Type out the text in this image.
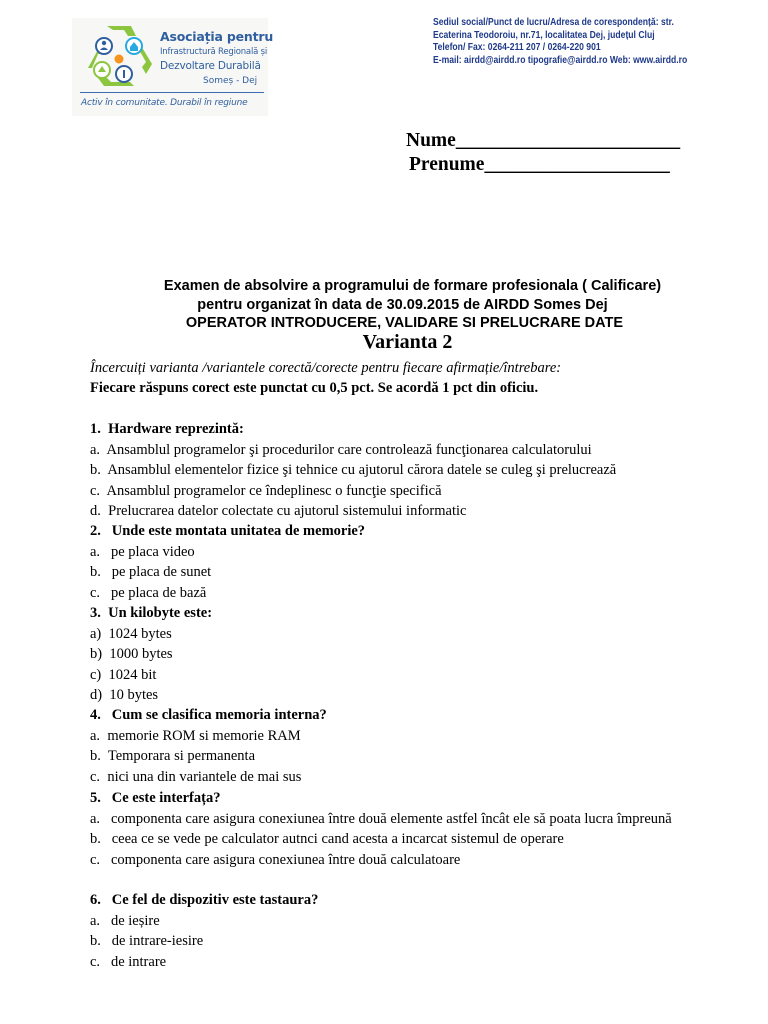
Asociația pentru
Infrastructură Regională și
Dezvoltare Durabilă
Someș - Dej
Activ în comunitate. Durabil în regiune
Sediul social/Punct de lucru/Adresa de corespondență: str.
Ecaterina Teodoroiu, nr.71, localitatea Dej, județul Cluj
Telefon/ Fax: 0264-211 207 / 0264-220 901
E-mail: airdd@airdd.ro tipografie@airdd.ro Web: www.airdd.ro
Nume_______________________
Prenume___________________
Examen de absolvire a programului de formare profesionala ( Calificare)
pentru organizat în data de 30.09.2015 de AIRDD Somes Dej
OPERATOR INTRODUCERE, VALIDARE SI PRELUCRARE DATE
Varianta 2
Încercuiți varianta /variantele corectă/corecte pentru fiecare afirmație/întrebare:
Fiecare răspuns corect este punctat cu 0,5 pct. Se acordă 1 pct din oficiu.
1. Hardware reprezintă:
a. Ansamblul programelor şi procedurilor care controlează funcţionarea calculatorului
b. Ansamblul elementelor fizice şi tehnice cu ajutorul cărora datele se culeg şi prelucrează
c. Ansamblul programelor ce îndeplinesc o funcţie specifică
d. Prelucrarea datelor colectate cu ajutorul sistemului informatic
2. Unde este montata unitatea de memorie?
a. pe placa video
b. pe placa de sunet
c. pe placa de bază
3. Un kilobyte este:
a) 1024 bytes
b) 1000 bytes
c) 1024 bit
d) 10 bytes
4. Cum se clasifica memoria interna?
a. memorie ROM si memorie RAM
b. Temporara si permanenta
c. nici una din variantele de mai sus
5. Ce este interfața?
a. componenta care asigura conexiunea între două elemente astfel încât ele să poata lucra împreună
b. ceea ce se vede pe calculator autnci cand acesta a incarcat sistemul de operare
c. componenta care asigura conexiunea între două calculatoare
6. Ce fel de dispozitiv este tastaura?
a. de ieșire
b. de intrare-iesire
c. de intrare
